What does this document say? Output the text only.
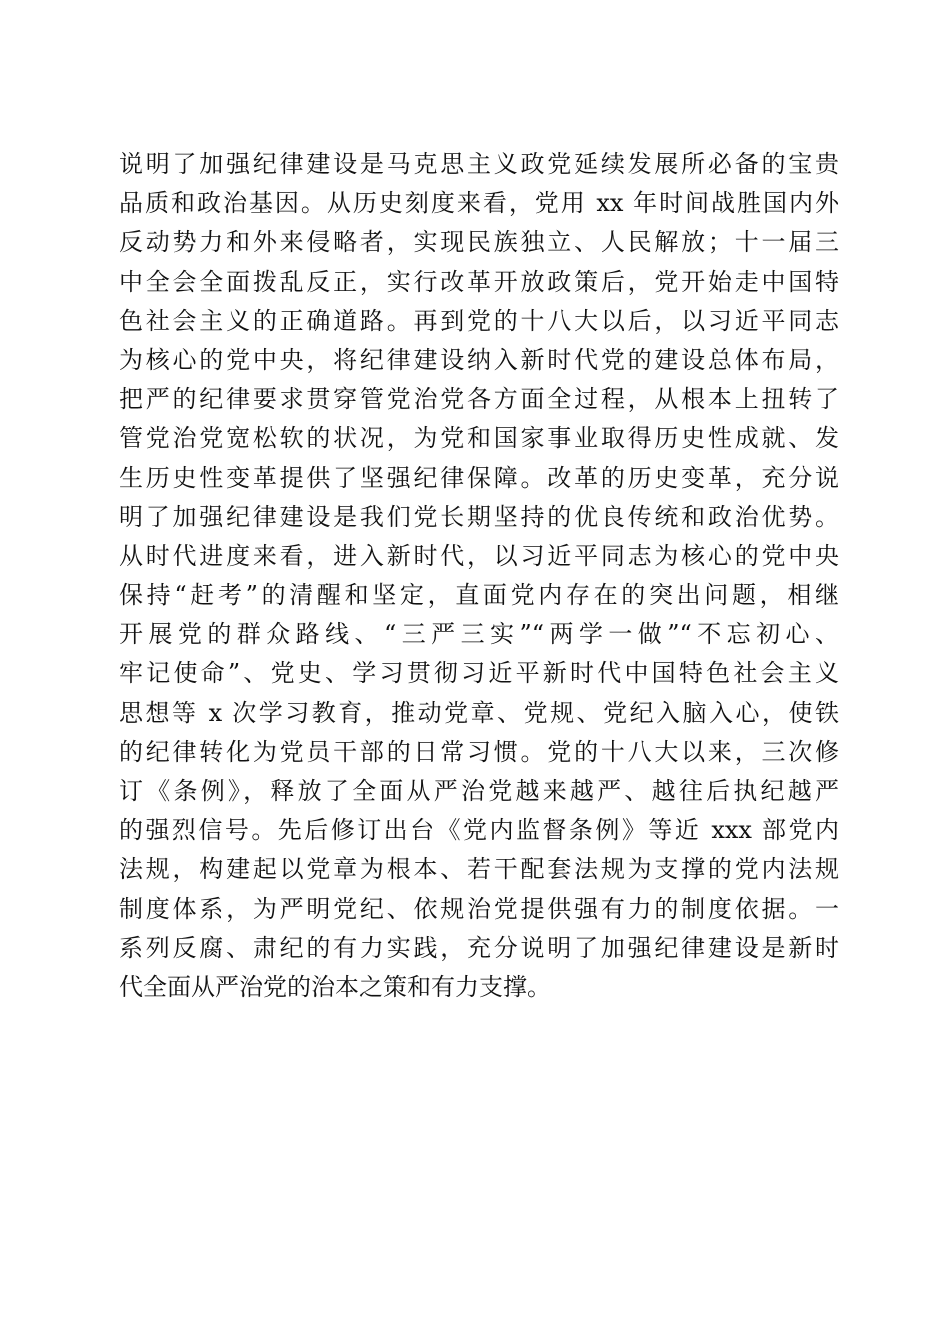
说明了加强纪律建设是马克思主义政党延续发展所必备的宝贵
品质和政治基因。从历史刻度来看，党用 xx 年时间战胜国内外
反动势力和外来侵略者，实现民族独立、人民解放；十一届三
中全会全面拨乱反正，实行改革开放政策后，党开始走中国特
色社会主义的正确道路。再到党的十八大以后，以习近平同志
为核心的党中央，将纪律建设纳入新时代党的建设总体布局，
把严的纪律要求贯穿管党治党各方面全过程，从根本上扭转了
管党治党宽松软的状况，为党和国家事业取得历史性成就、发
生历史性变革提供了坚强纪律保障。改革的历史变革，充分说
明了加强纪律建设是我们党长期坚持的优良传统和政治优势。
从时代进度来看，进入新时代，以习近平同志为核心的党中央
保持“赶考”的清醒和坚定，直面党内存在的突出问题，相继
开展党的群众路线、“三严三实”“两学一做”“不忘初心、
牢记使命”、党史、学习贯彻习近平新时代中国特色社会主义
思想等 x 次学习教育，推动党章、党规、党纪入脑入心，使铁
的纪律转化为党员干部的日常习惯。党的十八大以来，三次修
订《条例》，释放了全面从严治党越来越严、越往后执纪越严
的强烈信号。先后修订出台《党内监督条例》等近 xxx 部党内
法规，构建起以党章为根本、若干配套法规为支撑的党内法规
制度体系，为严明党纪、依规治党提供强有力的制度依据。一
系列反腐、肃纪的有力实践，充分说明了加强纪律建设是新时
代全面从严治党的治本之策和有力支撑。
